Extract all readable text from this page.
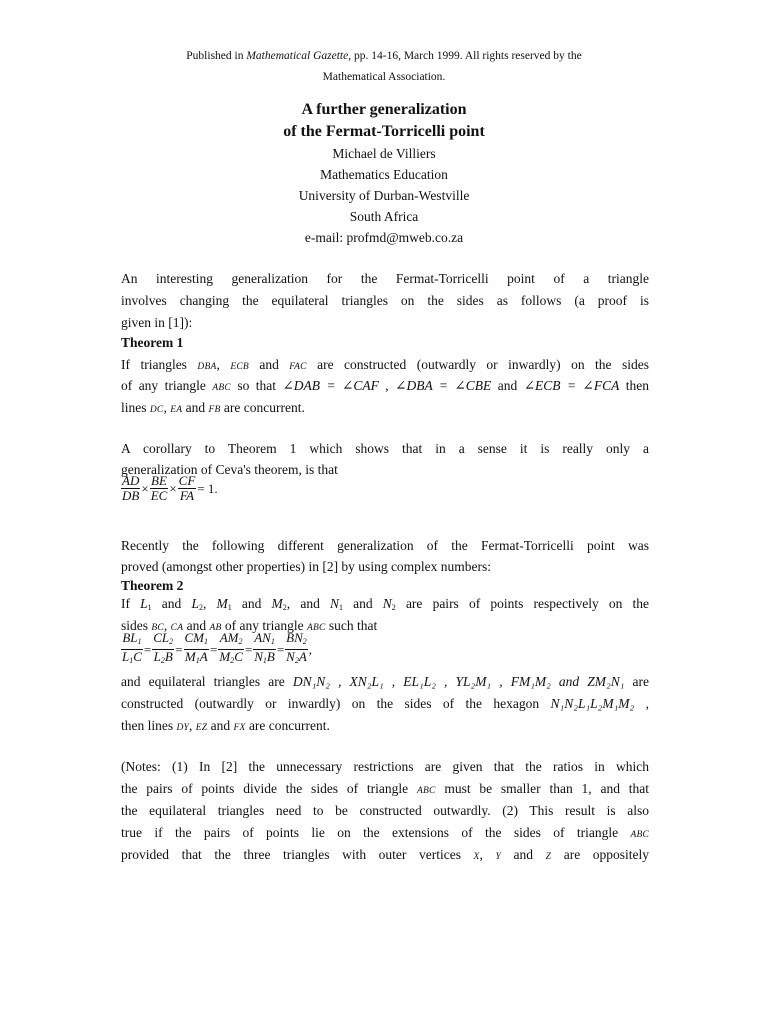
Published in Mathematical Gazette, pp. 14-16, March 1999. All rights reserved by the
Mathematical Association.
A further generalization
of the Fermat-Torricelli point
Michael de Villiers
Mathematics Education
University of Durban-Westville
South Africa
e-mail: profmd@mweb.co.za
An interesting generalization for the Fermat-Torricelli point of a triangle
involves changing the equilateral triangles on the sides as follows (a proof is
given in [1]):
Theorem 1
If triangles DBA, ECB and FAC are constructed (outwardly or inwardly) on the sides
of any triangle ABC so that ∠DAB = ∠CAF , ∠DBA = ∠CBE and ∠ECB = ∠FCA then
lines DC, EA and FB are concurrent.
A corollary to Theorem 1 which shows that in a sense it is really only a
generalization of Ceva's theorem, is that
$\frac{AD}{DB} \times \frac{BE}{EC} \times \frac{CF}{FA} = 1$.
Recently the following different generalization of the Fermat-Torricelli point was
proved (amongst other properties) in [2] by using complex numbers:
Theorem 2
If $L_1$ and $L_2$, $M_1$ and $M_2$, and $N_1$ and $N_2$ are pairs of points respectively on the
sides BC, CA and AB of any triangle ABC such that
$\frac{BL_1}{L_1C} = \frac{CL_2}{L_2B} = \frac{CM_1}{M_1A} = \frac{AM_2}{M_2C} = \frac{AN_1}{N_1B} = \frac{BN_2}{N_2A}$ ,
and equilateral triangles are DN₁N₂ , XN₂L₁ , EL₁L₂ , YL₂M₁ , FM₁M₂ and ZM₂N₁ are
constructed (outwardly or inwardly) on the sides of the hexagon N₁N₂L₁L₂M₁M₂ ,
then lines DY, EZ and FX are concurrent.
(Notes: (1) In [2] the unnecessary restrictions are given that the ratios in which
the pairs of points divide the sides of triangle ABC must be smaller than 1, and that
the equilateral triangles need to be constructed outwardly. (2) This result is also
true if the pairs of points lie on the extensions of the sides of triangle ABC
provided that the three triangles with outer vertices X, Y and Z are oppositely
